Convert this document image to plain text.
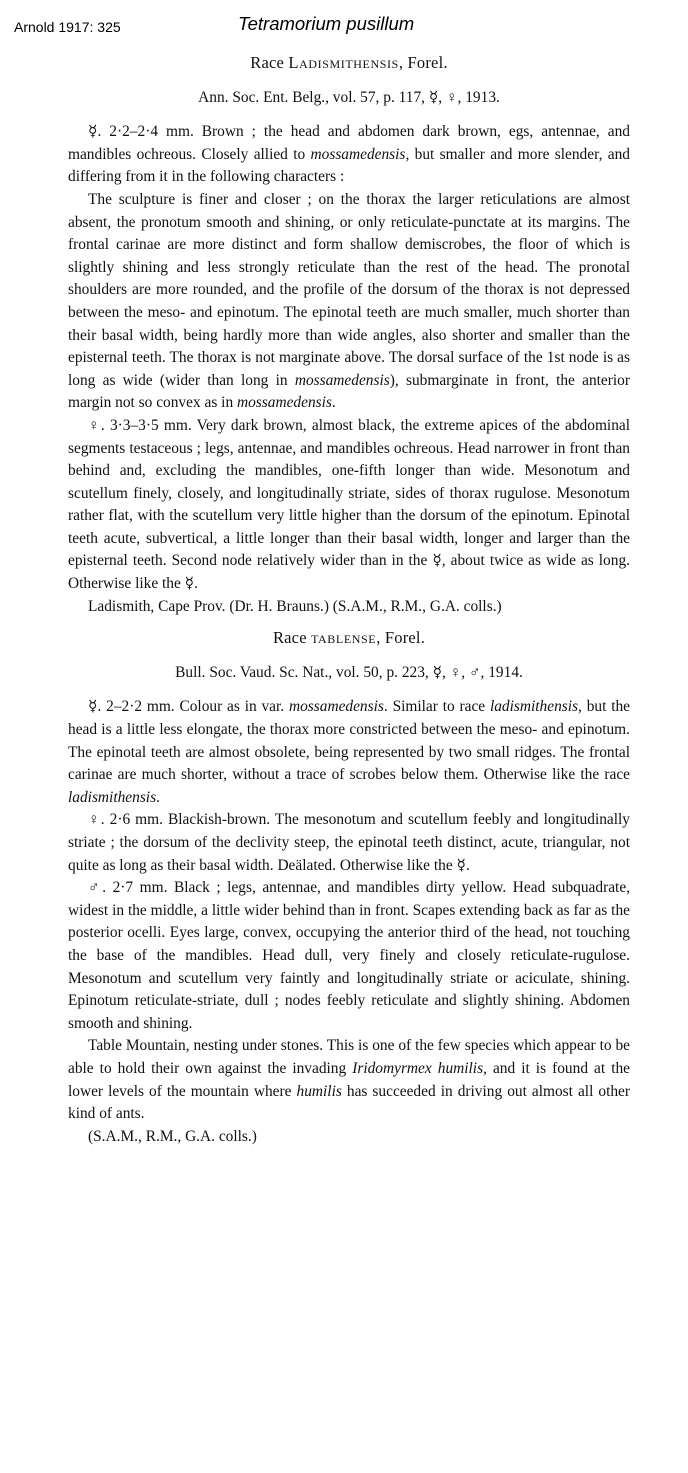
Arnold 1917: 325	Tetramorium pusillum

Race Ladismithensis, Forel.

Ann. Soc. Ent. Belg., vol. 57, p. 117, ☿, ♀, 1913.

☿. 2·2–2·4 mm. Brown ; the head and abdomen dark brown, egs, antennae, and mandibles ochreous. Closely allied to mossamedensis, but smaller and more slender, and differing from it in the following characters :

The sculpture is finer and closer ; on the thorax the larger reticulations are almost absent, the pronotum smooth and shining, or only reticulate-punctate at its margins. The frontal carinae are more distinct and form shallow demiscrobes, the floor of which is slightly shining and less strongly reticulate than the rest of the head. The pronotal shoulders are more rounded, and the profile of the dorsum of the thorax is not depressed between the meso- and epinotum. The epinotal teeth are much smaller, much shorter than their basal width, being hardly more than wide angles, also shorter and smaller than the episternal teeth. The thorax is not marginate above. The dorsal surface of the 1st node is as long as wide (wider than long in mossamedensis), submarginate in front, the anterior margin not so convex as in mossamedensis.

♀. 3·3–3·5 mm. Very dark brown, almost black, the extreme apices of the abdominal segments testaceous ; legs, antennae, and mandibles ochreous. Head narrower in front than behind and, excluding the mandibles, one-fifth longer than wide. Mesonotum and scutellum finely, closely, and longitudinally striate, sides of thorax rugulose. Mesonotum rather flat, with the scutellum very little higher than the dorsum of the epinotum. Epinotal teeth acute, subvertical, a little longer than their basal width, longer and larger than the episternal teeth. Second node relatively wider than in the ☿, about twice as wide as long. Otherwise like the ☿.

Ladismith, Cape Prov. (Dr. H. Brauns.) (S.A.M., R.M., G.A. colls.)

Race tablense, Forel.

Bull. Soc. Vaud. Sc. Nat., vol. 50, p. 223, ☿, ♀, ♂, 1914.

☿. 2–2·2 mm. Colour as in var. mossamedensis. Similar to race ladismithensis, but the head is a little less elongate, the thorax more constricted between the meso- and epinotum. The epinotal teeth are almost obsolete, being represented by two small ridges. The frontal carinae are much shorter, without a trace of scrobes below them. Otherwise like the race ladismithensis.

♀. 2·6 mm. Blackish-brown. The mesonotum and scutellum feebly and longitudinally striate ; the dorsum of the declivity steep, the epinotal teeth distinct, acute, triangular, not quite as long as their basal width. Deälated. Otherwise like the ☿.

♂. 2·7 mm. Black ; legs, antennae, and mandibles dirty yellow. Head subquadrate, widest in the middle, a little wider behind than in front. Scapes extending back as far as the posterior ocelli. Eyes large, convex, occupying the anterior third of the head, not touching the base of the mandibles. Head dull, very finely and closely reticulate-rugulose. Mesonotum and scutellum very faintly and longitudinally striate or aciculate, shining. Epinotum reticulate-striate, dull ; nodes feebly reticulate and slightly shining. Abdomen smooth and shining.

Table Mountain, nesting under stones. This is one of the few species which appear to be able to hold their own against the invading Iridomyrmex humilis, and it is found at the lower levels of the mountain where humilis has succeeded in driving out almost all other kind of ants.

(S.A.M., R.M., G.A. colls.)
